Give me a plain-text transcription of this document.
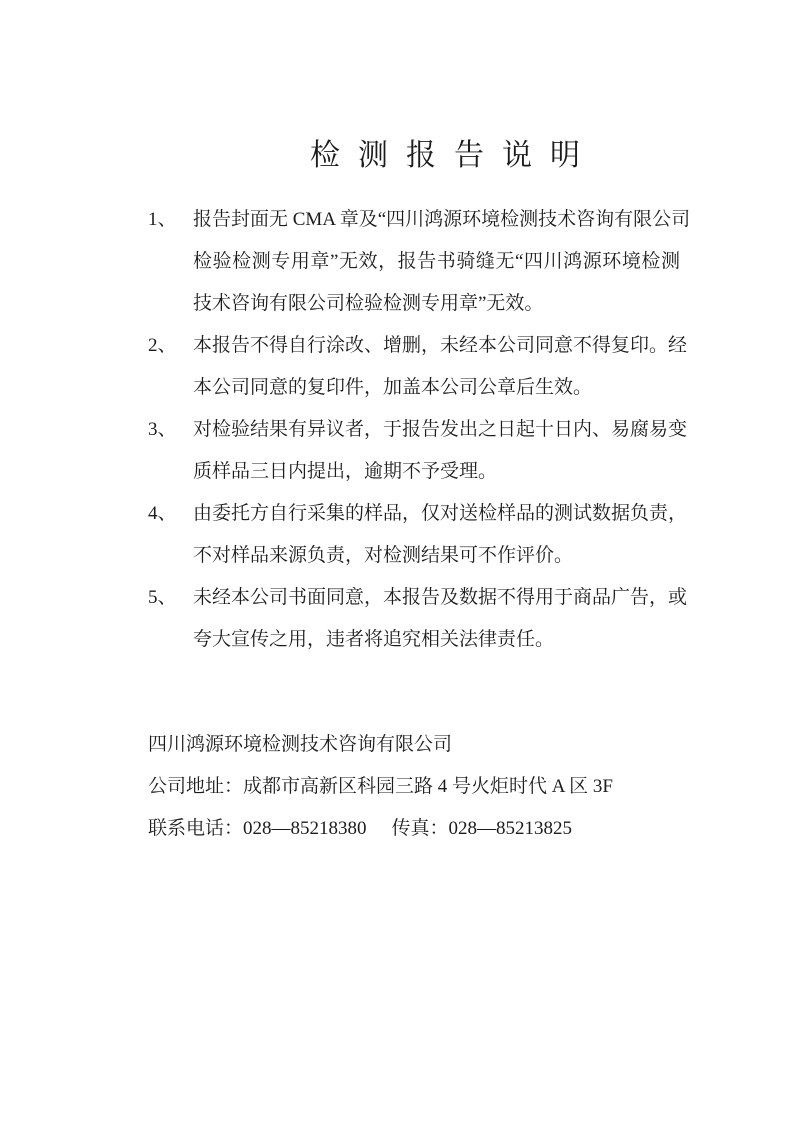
检测报告说明
1、 报告封面无 CMA 章及“四川鸿源环境检测技术咨询有限公司
检验检测专用章”无效，报告书骑缝无“四川鸿源环境检测
技术咨询有限公司检验检测专用章”无效。
2、 本报告不得自行涂改、增删，未经本公司同意不得复印。经
本公司同意的复印件，加盖本公司公章后生效。
3、 对检验结果有异议者，于报告发出之日起十日内、易腐易变
质样品三日内提出，逾期不予受理。
4、 由委托方自行采集的样品，仅对送检样品的测试数据负责，
不对样品来源负责，对检测结果可不作评价。
5、 未经本公司书面同意，本报告及数据不得用于商品广告，或
夸大宣传之用，违者将追究相关法律责任。
四川鸿源环境检测技术咨询有限公司
公司地址：成都市高新区科园三路 4 号火炬时代 A 区 3F
联系电话：028—85218380 传真：028—85213825
